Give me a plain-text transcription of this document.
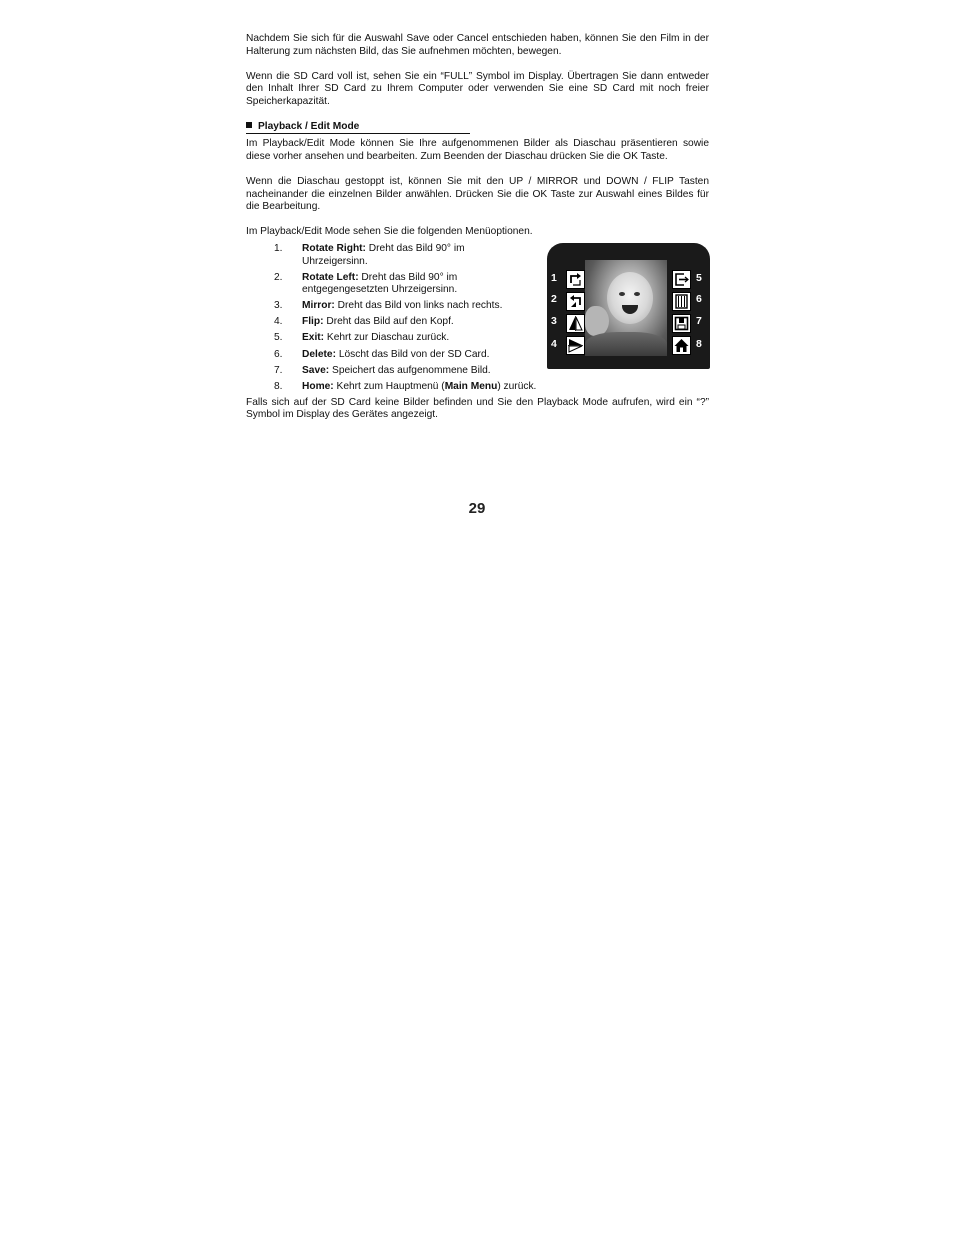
Nachdem Sie sich für die Auswahl Save oder Cancel entschieden haben, können Sie den Film in der Halterung zum nächsten Bild, das Sie aufnehmen möchten, bewegen.

Wenn die SD Card voll ist, sehen Sie ein “FULL” Symbol im Display. Übertragen Sie dann entweder den Inhalt Ihrer SD Card zu Ihrem Computer oder verwenden Sie eine SD Card mit noch freier Speicherkapazität.

Playback / Edit Mode

Im Playback/Edit Mode können Sie Ihre aufgenommenen Bilder als Diaschau präsentieren sowie diese vorher ansehen und bearbeiten. Zum Beenden der Diaschau drücken Sie die OK Taste.

Wenn die Diaschau gestoppt ist, können Sie mit den UP / MIRROR und DOWN / FLIP Tasten nacheinander die einzelnen Bilder anwählen. Drücken Sie die OK Taste zur Auswahl eines Bildes für die Bearbeitung.

Im Playback/Edit Mode sehen Sie die folgenden Menüoptionen.

1. Rotate Right: Dreht das Bild 90° im Uhrzeigersinn.
2. Rotate Left: Dreht das Bild 90° im entgegengesetzten Uhrzeigersinn.
3. Mirror: Dreht das Bild von links nach rechts.
4. Flip: Dreht das Bild auf den Kopf.
5. Exit: Kehrt zur Diaschau zurück.
6. Delete: Löscht das Bild von der SD Card.
7. Save: Speichert das aufgenommene Bild.
8. Home: Kehrt zum Hauptmenü (Main Menu) zurück.

Falls sich auf der SD Card keine Bilder befinden und Sie den Playback Mode aufrufen, wird ein “?” Symbol im Display des Gerätes angezeigt.

1
2
3
4
5
6
7
8
29
